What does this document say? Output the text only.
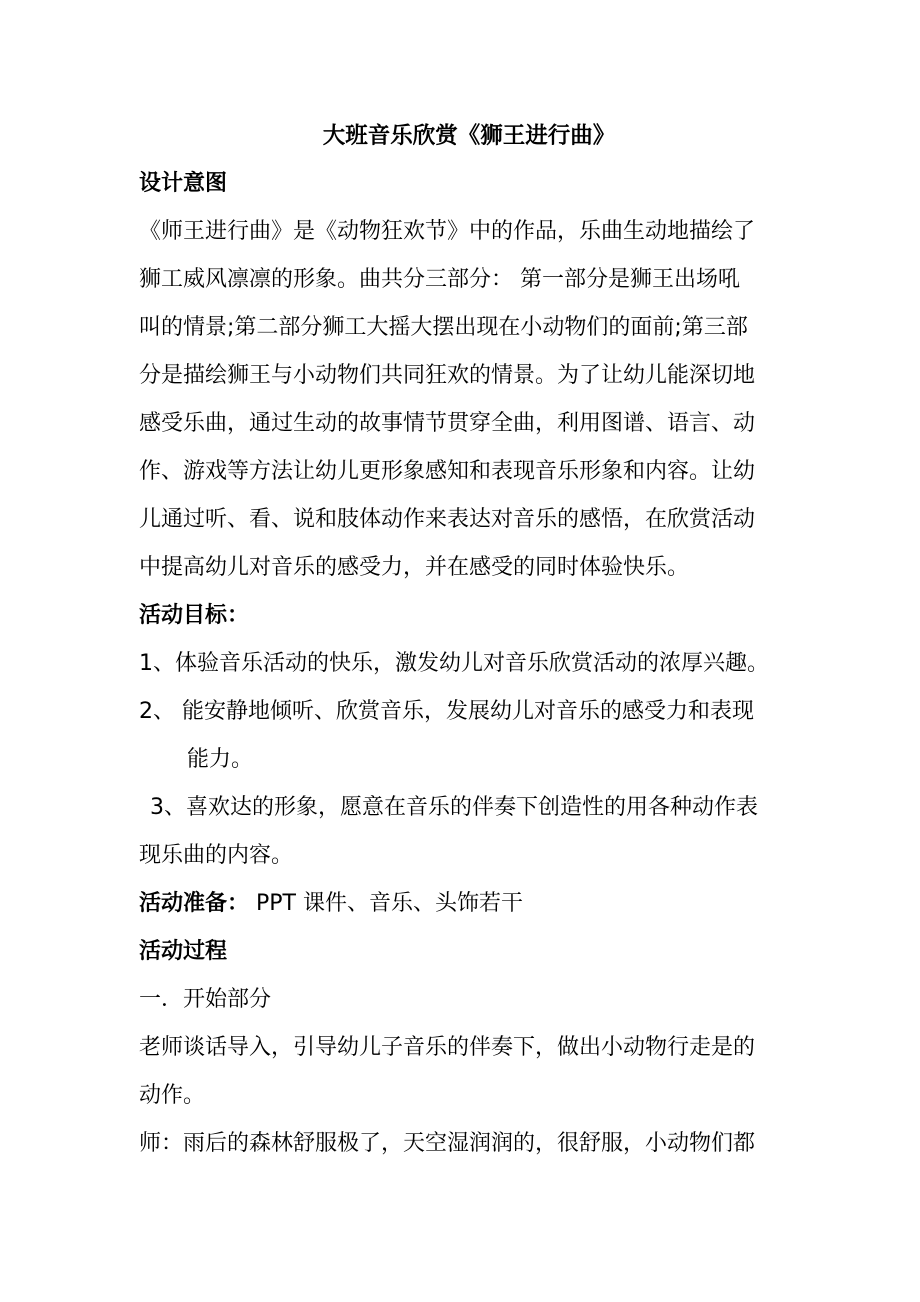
大班音乐欣赏《狮王进行曲》
设计意图
《师王进行曲》是《动物狂欢节》中的作品，乐曲生动地描绘了
狮工威风凛凛的形象。曲共分三部分： 第一部分是狮王出场吼
叫的情景;第二部分狮工大摇大摆出现在小动物们的面前;第三部
分是描绘狮王与小动物们共同狂欢的情景。为了让幼儿能深切地
感受乐曲，通过生动的故事情节贯穿全曲，利用图谱、语言、动
作、游戏等方法让幼儿更形象感知和表现音乐形象和内容。让幼
儿通过听、看、说和肢体动作来表达对音乐的感悟，在欣赏活动
中提高幼儿对音乐的感受力，并在感受的同时体验快乐。
活动目标：
1、体验音乐活动的快乐，激发幼儿对音乐欣赏活动的浓厚兴趣。
2、 能安静地倾听、欣赏音乐，发展幼儿对音乐的感受力和表现
能力。
3、喜欢达的形象，愿意在音乐的伴奏下创造性的用各种动作表
现乐曲的内容。
活动准备： PPT 课件、音乐、头饰若干
活动过程
一．开始部分
老师谈话导入，引导幼儿子音乐的伴奏下，做出小动物行走是的
动作。
师：雨后的森林舒服极了，天空湿润润的，很舒服，小动物们都
